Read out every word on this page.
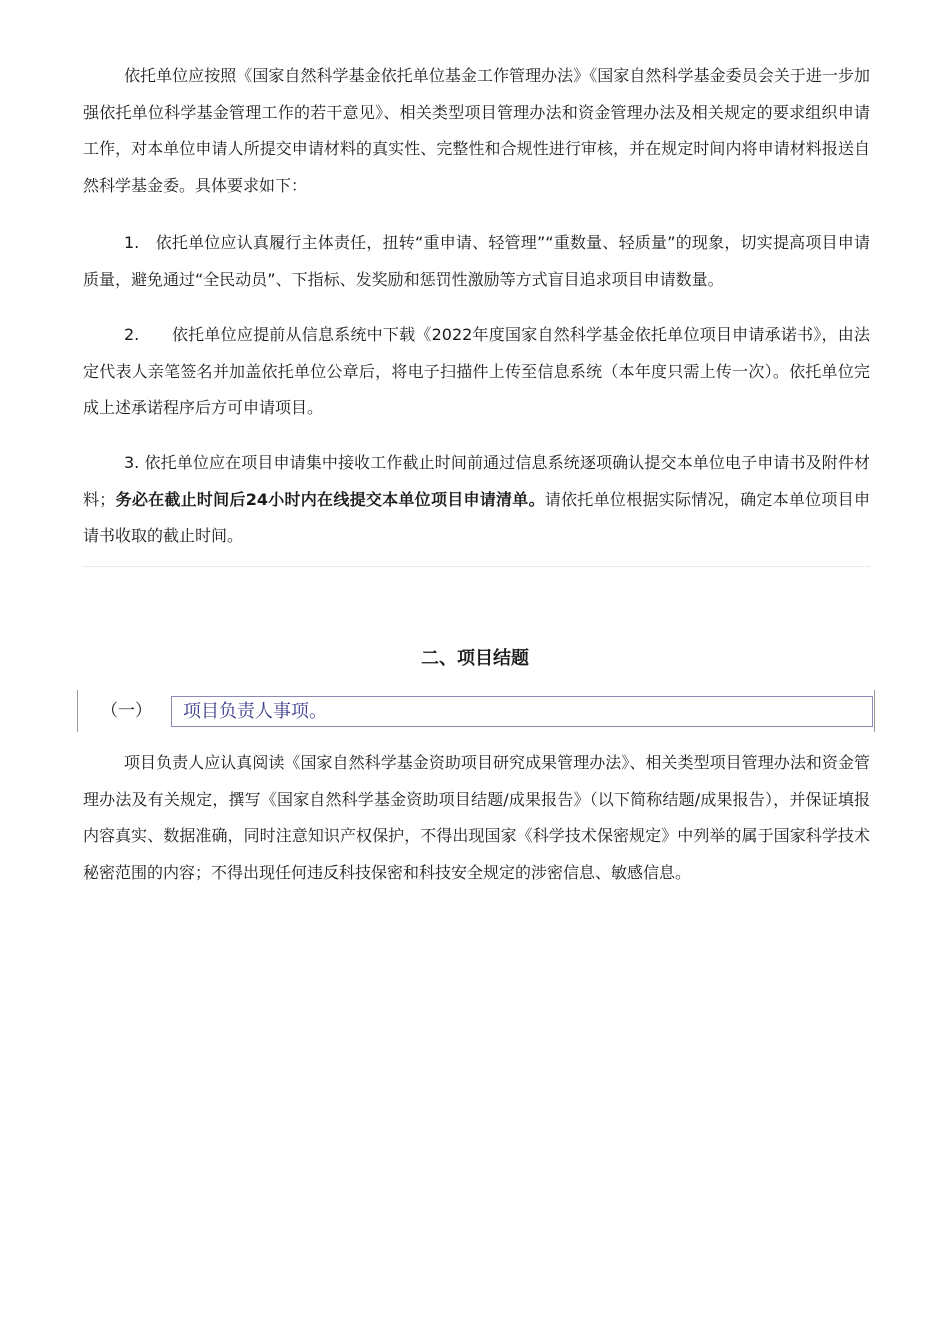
依托单位应按照《国家自然科学基金依托单位基金工作管理办法》《国家自然科学基金委员会关于进一步加强依托单位科学基金管理工作的若干意见》、相关类型项目管理办法和资金管理办法及相关规定的要求组织申请工作，对本单位申请人所提交申请材料的真实性、完整性和合规性进行审核，并在规定时间内将申请材料报送自然科学基金委。具体要求如下：

1.　依托单位应认真履行主体责任，扭转“重申请、轻管理”“重数量、轻质量”的现象，切实提高项目申请质量，避免通过“全民动员”、下指标、发奖励和惩罚性激励等方式盲目追求项目申请数量。

2.　　依托单位应提前从信息系统中下载《2022年度国家自然科学基金依托单位项目申请承诺书》，由法定代表人亲笔签名并加盖依托单位公章后，将电子扫描件上传至信息系统（本年度只需上传一次）。依托单位完成上述承诺程序后方可申请项目。

3. 依托单位应在项目申请集中接收工作截止时间前通过信息系统逐项确认提交本单位电子申请书及附件材料；务必在截止时间后24小时内在线提交本单位项目申请清单。请依托单位根据实际情况，确定本单位项目申请书收取的截止时间。

二、项目结题
（一） 项目负责人事项。

项目负责人应认真阅读《国家自然科学基金资助项目研究成果管理办法》、相关类型项目管理办法和资金管理办法及有关规定，撰写《国家自然科学基金资助项目结题/成果报告》（以下简称结题/成果报告），并保证填报内容真实、数据准确，同时注意知识产权保护，不得出现国家《科学技术保密规定》中列举的属于国家科学技术秘密范围的内容；不得出现任何违反科技保密和科技安全规定的涉密信息、敏感信息。
